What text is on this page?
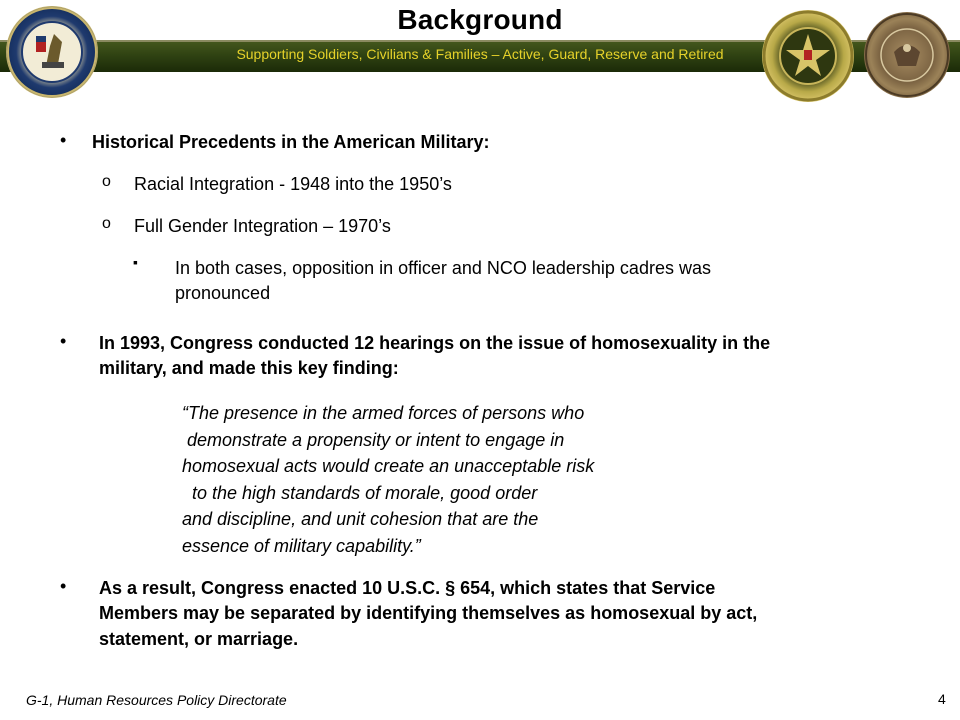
Background
Supporting Soldiers, Civilians & Families – Active, Guard, Reserve and Retired
• Historical Precedents in the American Military:
o Racial Integration - 1948 into the 1950’s
o Full Gender Integration – 1970’s
▪ In both cases, opposition in officer and NCO leadership cadres was
pronounced
• In 1993, Congress conducted 12 hearings on the issue of homosexuality in the
military, and made this key finding:
“The presence in the armed forces of persons who
demonstrate a propensity or intent to engage in
homosexual acts would create an unacceptable risk
to the high standards of morale, good order
and discipline, and unit cohesion that are the
essence of military capability.”
• As a result, Congress enacted 10 U.S.C. § 654, which states that Service
Members may be separated by identifying themselves as homosexual by act,
statement, or marriage.
G-1, Human Resources Policy Directorate	4
